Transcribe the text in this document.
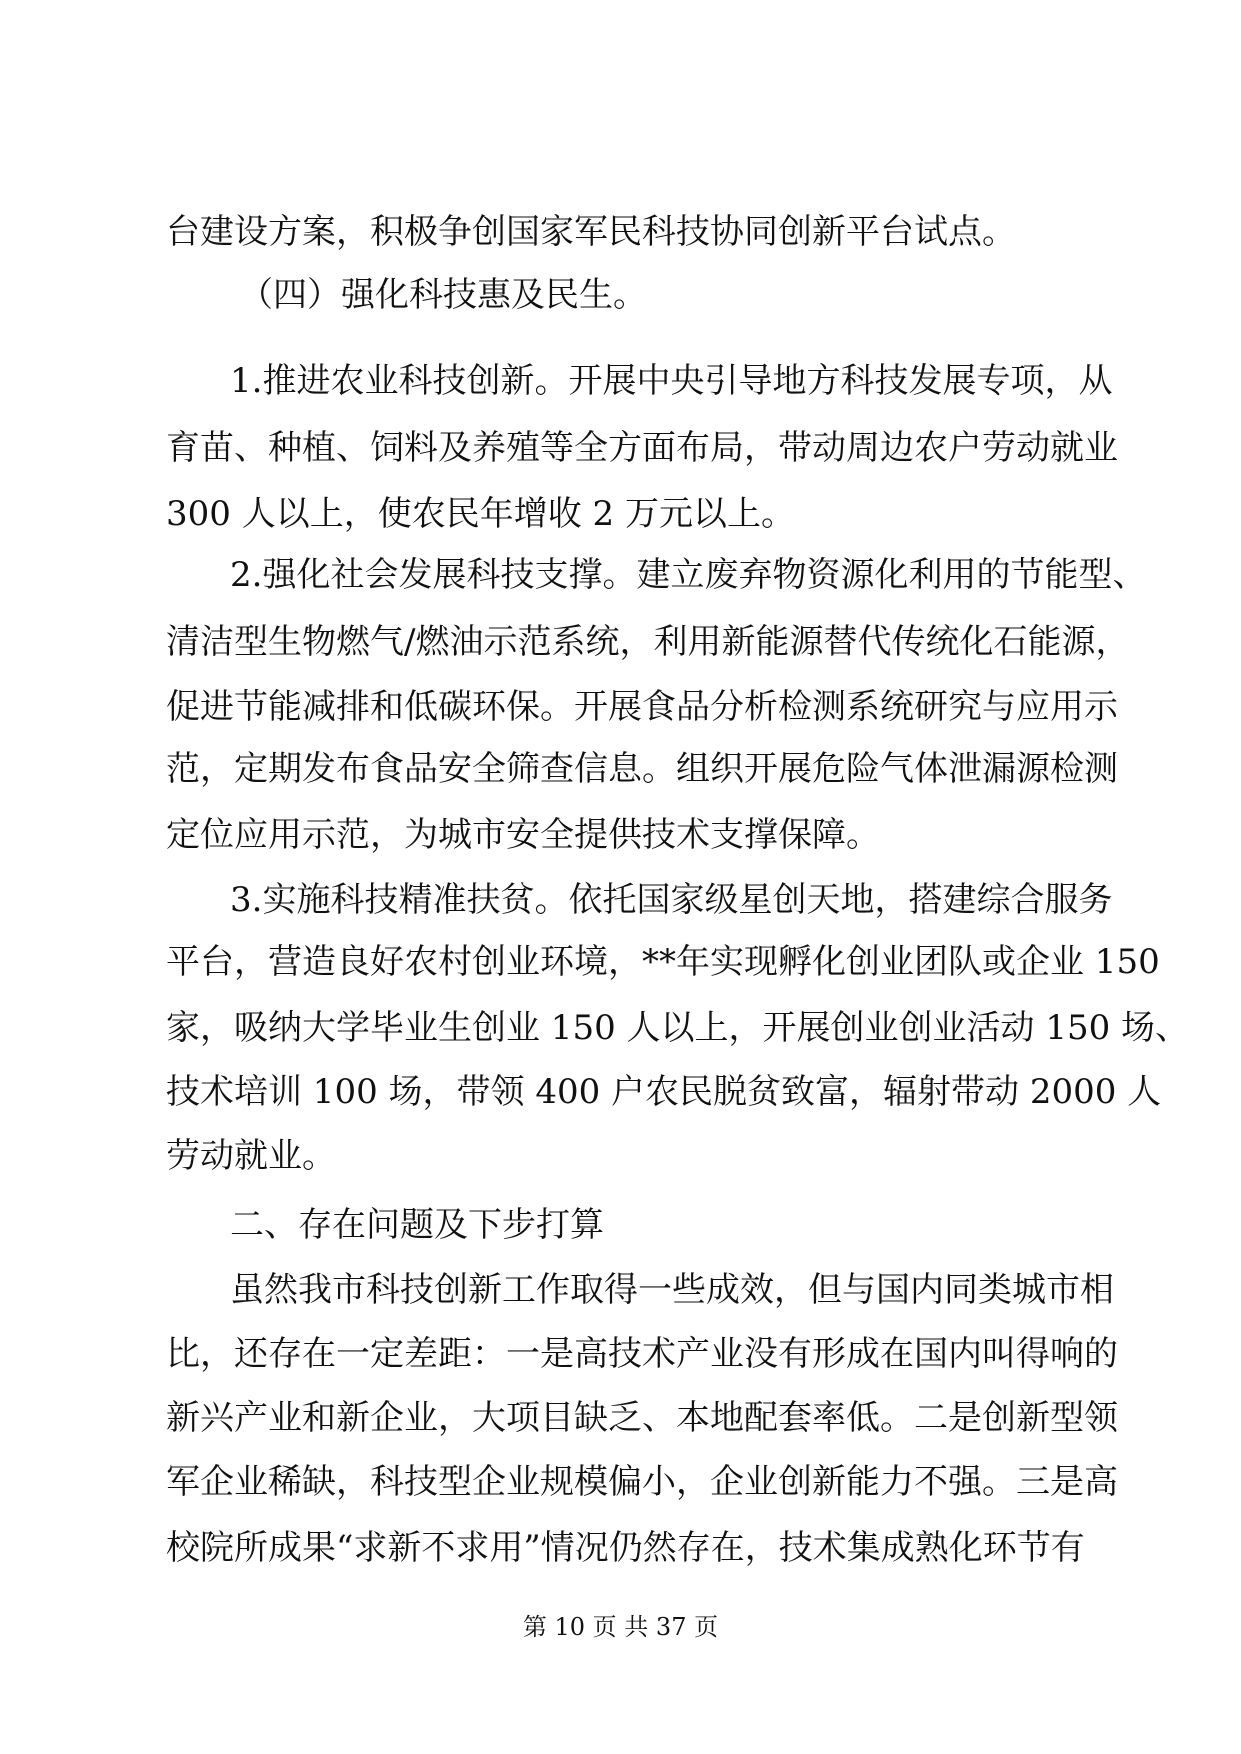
台建设方案，积极争创国家军民科技协同创新平台试点。
（四）强化科技惠及民生。
1.推进农业科技创新。开展中央引导地方科技发展专项，从
育苗、种植、饲料及养殖等全方面布局，带动周边农户劳动就业
300 人以上，使农民年增收 2 万元以上。
2.强化社会发展科技支撑。建立废弃物资源化利用的节能型、
清洁型生物燃气/燃油示范系统，利用新能源替代传统化石能源，
促进节能减排和低碳环保。开展食品分析检测系统研究与应用示
范，定期发布食品安全筛查信息。组织开展危险气体泄漏源检测
定位应用示范，为城市安全提供技术支撑保障。
3.实施科技精准扶贫。依托国家级星创天地，搭建综合服务
平台，营造良好农村创业环境，**年实现孵化创业团队或企业 150
家，吸纳大学毕业生创业 150 人以上，开展创业创业活动 150 场、
技术培训 100 场，带领 400 户农民脱贫致富，辐射带动 2000 人
劳动就业。
二、存在问题及下步打算
虽然我市科技创新工作取得一些成效，但与国内同类城市相
比，还存在一定差距：一是高技术产业没有形成在国内叫得响的
新兴产业和新企业，大项目缺乏、本地配套率低。二是创新型领
军企业稀缺，科技型企业规模偏小，企业创新能力不强。三是高
校院所成果“求新不求用”情况仍然存在，技术集成熟化环节有
第 10 页 共 37 页
